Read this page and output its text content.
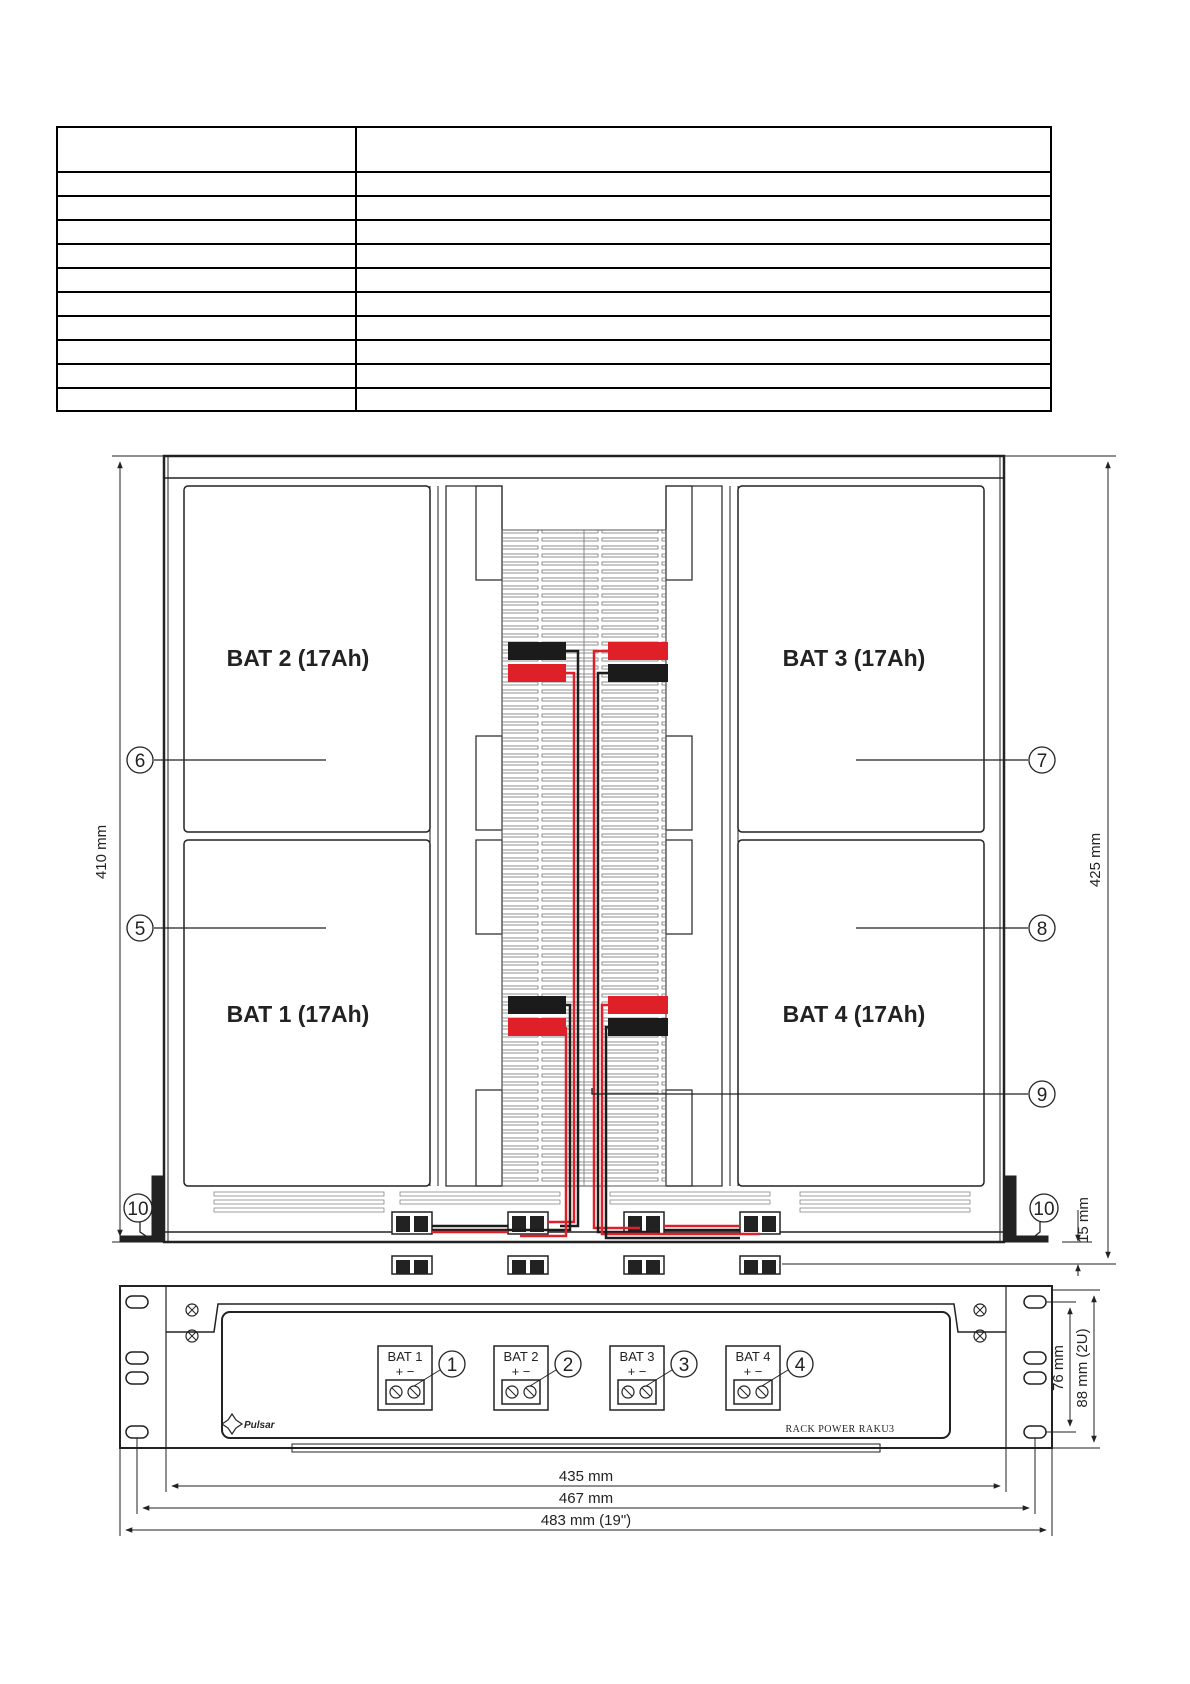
BAT 2 (17Ah)	BAT 3 (17Ah)
BAT 1 (17Ah)	BAT 4 (17Ah)
6
5
7
8
9
10	10
410 mm	425 mm
15 mm
BAT 1	BAT 2	BAT 3	BAT 4
+ −	+ −	+ −	+ −
1	2	3	4
Pulsar	RACK POWER RAKU3
435 mm
467 mm
483 mm (19")
76 mm 88 mm (2U)
